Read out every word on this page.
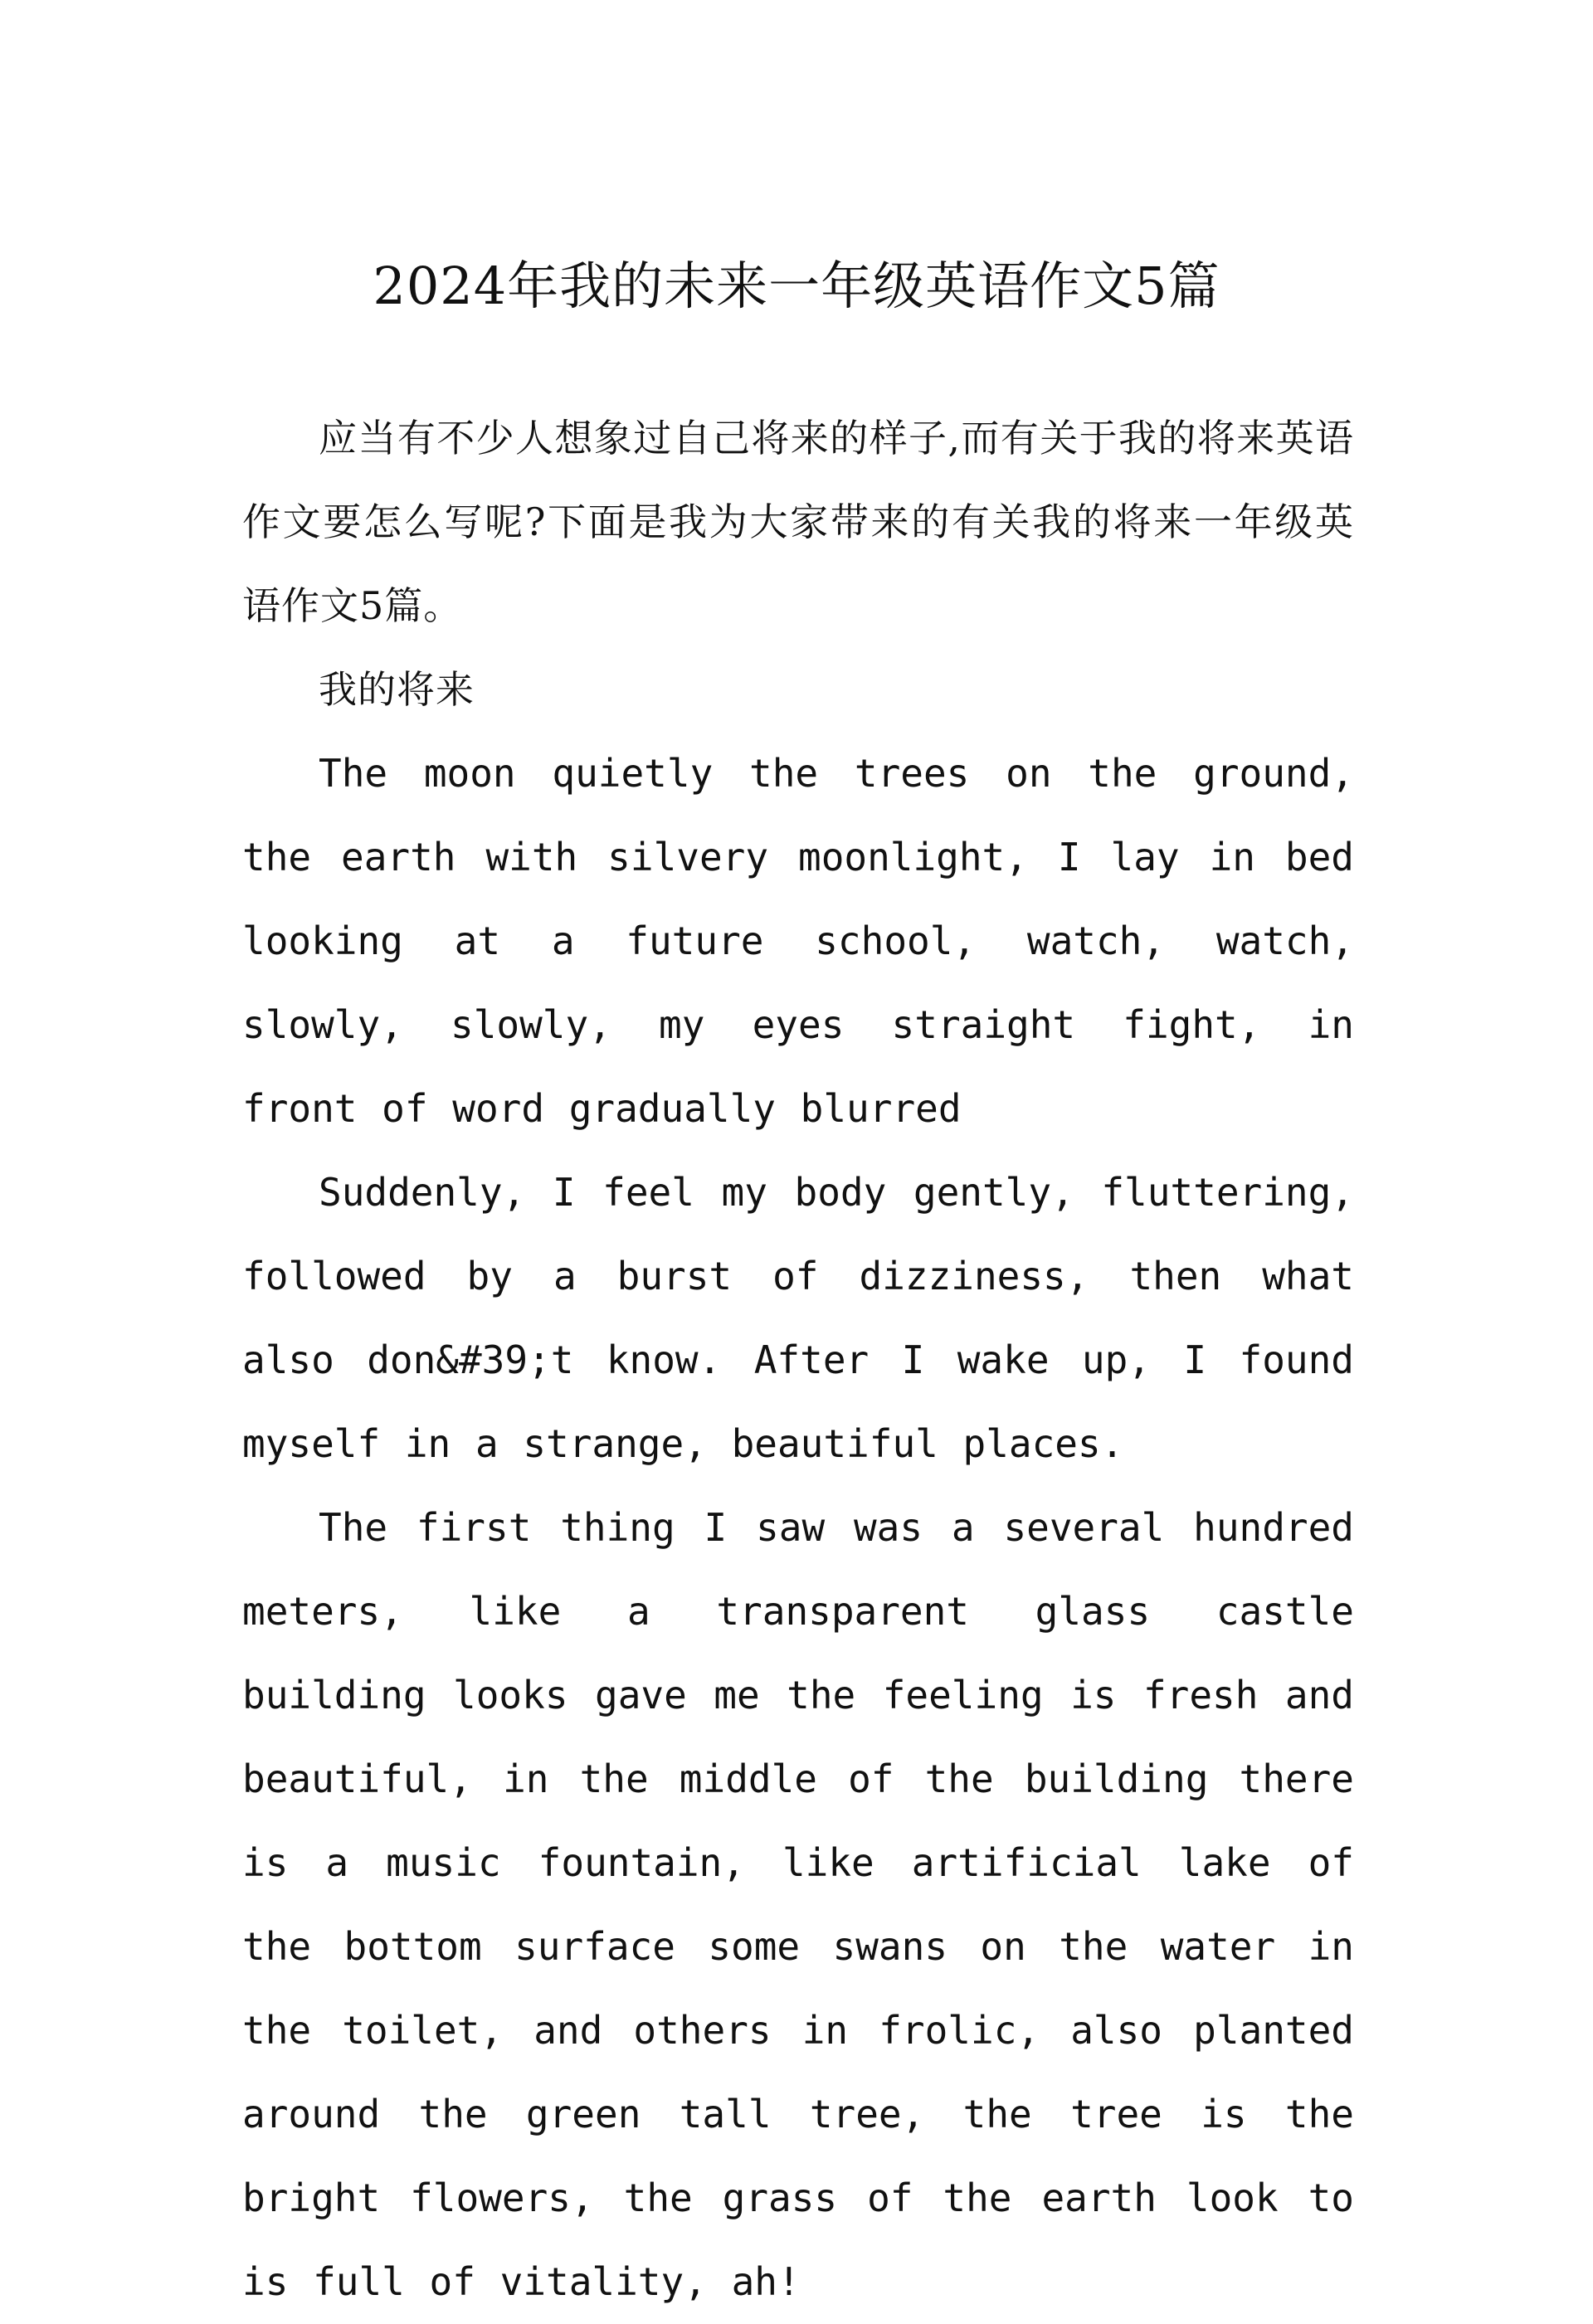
2024年我的未来一年级英语作文5篇

应当有不少人想象过自己将来的样子,而有关于我的将来英语作文要怎么写呢?下面是我为大家带来的有关我的将来一年级英语作文5篇。

我的将来

The moon quietly the trees on the ground, the earth with silvery moonlight, I lay in bed looking at a future school, watch, watch, slowly, slowly, my eyes straight fight, in front of word gradually blurred

Suddenly, I feel my body gently, fluttering, followed by a burst of dizziness, then what also don&#39;t know. After I wake up, I found myself in a strange, beautiful places.

The first thing I saw was a several hundred meters, like a transparent glass castle building looks gave me the feeling is fresh and beautiful, in the middle of the building there is a music fountain, like artificial lake of the bottom surface some swans on the water in the toilet, and others in frolic, also planted around the green tall tree, the tree is the bright flowers, the grass of the earth look to is full of vitality, ah!
